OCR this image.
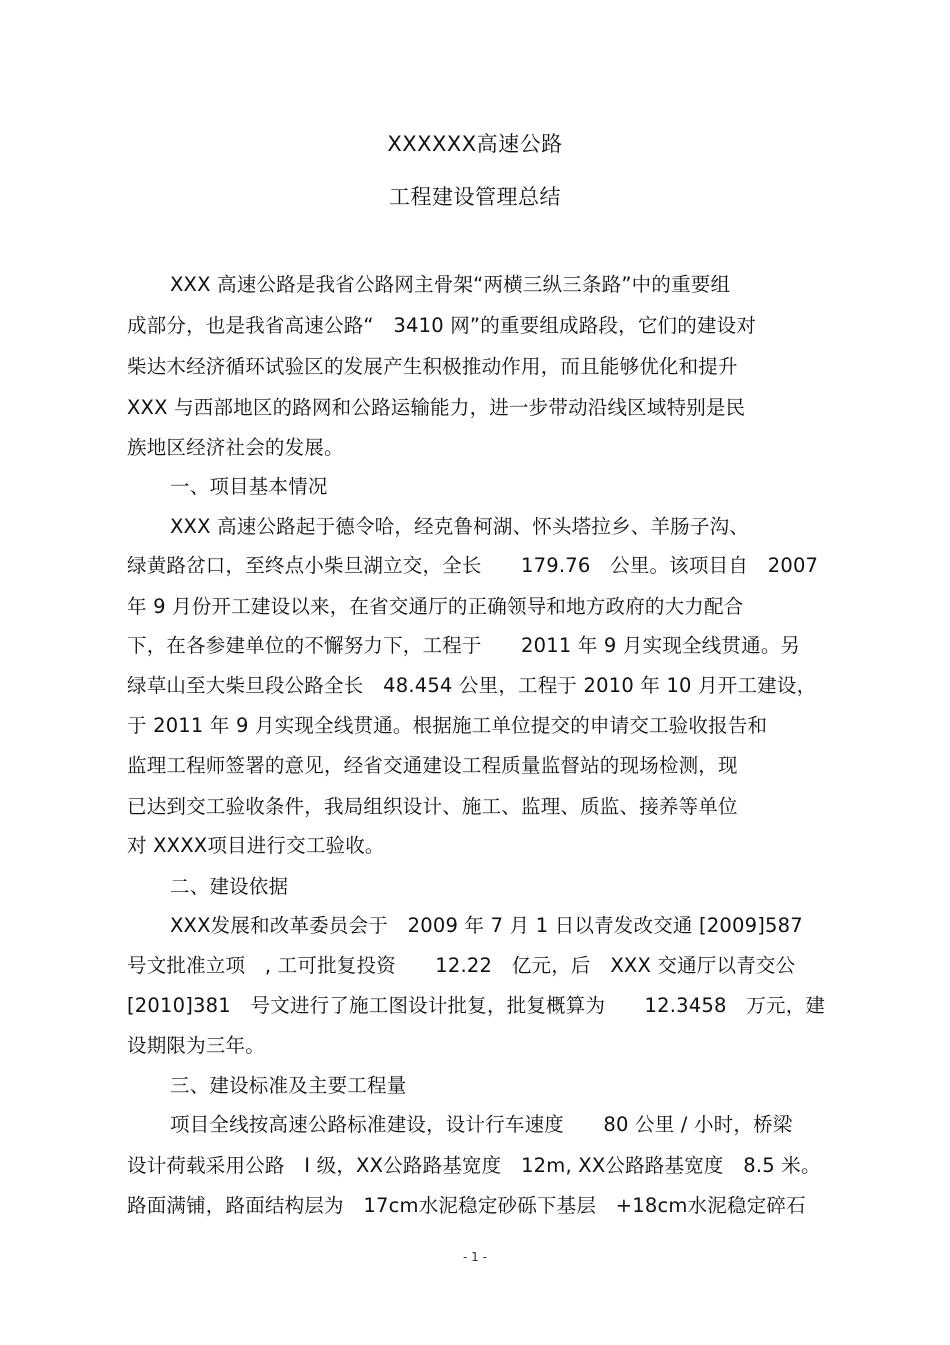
XXXXXX高速公路
工程建设管理总结
XXX 高速公路是我省公路网主骨架“两横三纵三条路”中的重要组
成部分，也是我省高速公路“　3410 网”的重要组成路段，它们的建设对
柴达木经济循环试验区的发展产生积极推动作用，而且能够优化和提升
XXX 与西部地区的路网和公路运输能力，进一步带动沿线区域特别是民
族地区经济社会的发展。
一、项目基本情况
XXX 高速公路起于德令哈，经克鲁柯湖、怀头塔拉乡、羊肠子沟、
绿黄路岔口，至终点小柴旦湖立交，全长　　179.76　公里。该项目自　2007
年 9 月份开工建设以来，在省交通厅的正确领导和地方政府的大力配合
下，在各参建单位的不懈努力下，工程于　　2011 年 9 月实现全线贯通。另
绿草山至大柴旦段公路全长　48.454 公里，工程于 2010 年 10 月开工建设，
于 2011 年 9 月实现全线贯通。根据施工单位提交的申请交工验收报告和
监理工程师签署的意见，经省交通建设工程质量监督站的现场检测，现
已达到交工验收条件，我局组织设计、施工、监理、质监、接养等单位
对 XXXX项目进行交工验收。
二、建设依据
XXX发展和改革委员会于　2009 年 7 月 1 日以青发改交通 [2009]587
号文批准立项　, 工可批复投资　　12.22　亿元，后　XXX 交通厅以青交公
[2010]381　号文进行了施工图设计批复，批复概算为　　12.3458　万元，建
设期限为三年。
三、建设标准及主要工程量
项目全线按高速公路标准建设，设计行车速度　　80 公里 / 小时，桥梁
设计荷载采用公路　Ⅰ 级，XX公路路基宽度　12m, XX公路路基宽度　8.5 米。
路面满铺，路面结构层为　17cm水泥稳定砂砾下基层　+18cm水泥稳定碎石
- 1 -
